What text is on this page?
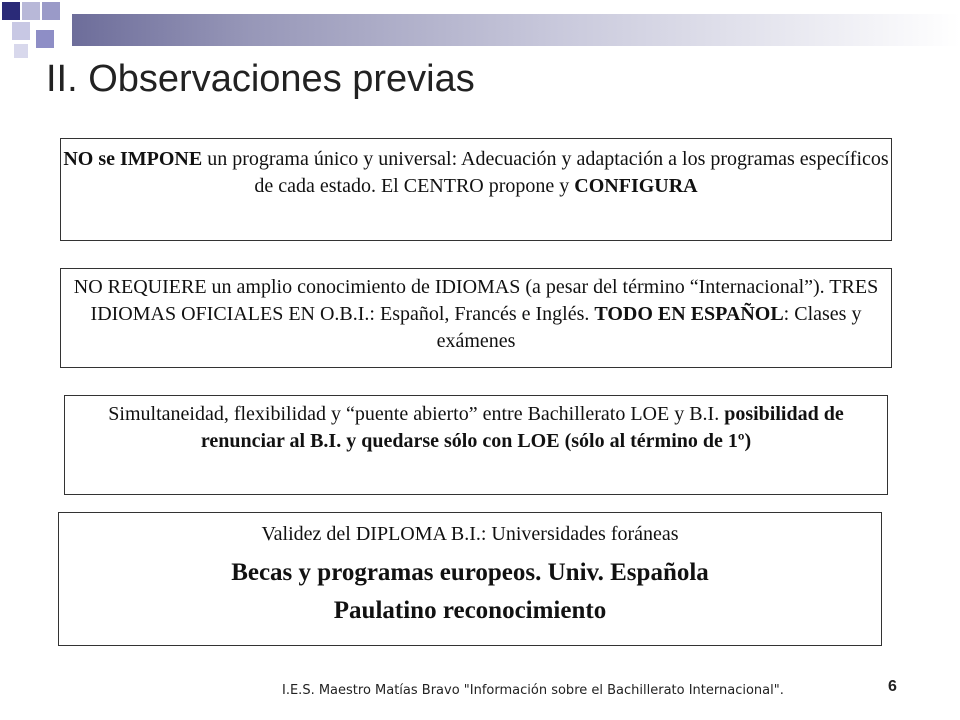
II. Observaciones previas
NO se IMPONE un programa único y universal: Adecuación y adaptación a los programas específicos de cada estado. El CENTRO propone y CONFIGURA
NO REQUIERE un amplio conocimiento de IDIOMAS (a pesar del término “Internacional”). TRES IDIOMAS OFICIALES EN O.B.I.: Español, Francés e Inglés. TODO EN ESPAÑOL: Clases y exámenes
Simultaneidad, flexibilidad y “puente abierto” entre Bachillerato LOE y B.I. posibilidad de renunciar al B.I. y quedarse sólo con LOE (sólo al término de 1º)
Validez del DIPLOMA B.I.: Universidades foráneas
Becas y programas europeos. Univ. Española
Paulatino reconocimiento
I.E.S. Maestro Matías Bravo "Información sobre el Bachillerato Internacional".	6
